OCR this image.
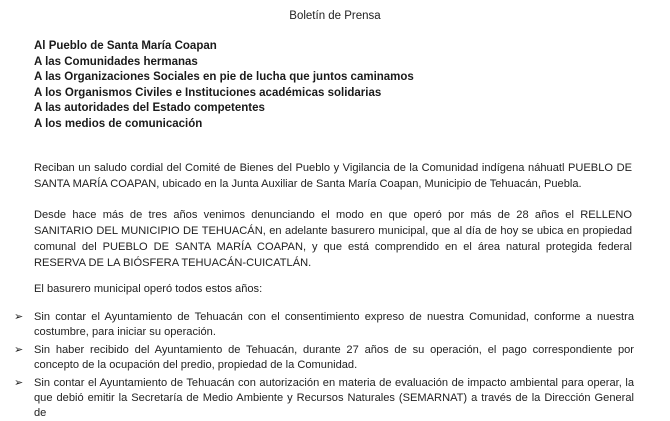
Boletín de Prensa
Al Pueblo de Santa María Coapan
A las Comunidades hermanas
A las Organizaciones Sociales en pie de lucha que juntos caminamos
A los Organismos Civiles e Instituciones académicas solidarias
A las autoridades del Estado competentes
A los medios de comunicación
Reciban un saludo cordial del Comité de Bienes del Pueblo y Vigilancia de la Comunidad indígena náhuatl PUEBLO DE SANTA MARÍA COAPAN, ubicado en la Junta Auxiliar de Santa María Coapan, Municipio de Tehuacán, Puebla.
Desde hace más de tres años venimos denunciando el modo en que operó por más de 28 años el RELLENO SANITARIO DEL MUNICIPIO DE TEHUACÁN, en adelante basurero municipal, que al día de hoy se ubica en propiedad comunal del PUEBLO DE SANTA MARÍA COAPAN, y que está comprendido en el área natural protegida federal RESERVA DE LA BIÓSFERA TEHUACÁN-CUICATLÁN.
El basurero municipal operó todos estos años:
➢ Sin contar el Ayuntamiento de Tehuacán con el consentimiento expreso de nuestra Comunidad, conforme a nuestra costumbre, para iniciar su operación.
➢ Sin haber recibido del Ayuntamiento de Tehuacán, durante 27 años de su operación, el pago correspondiente por concepto de la ocupación del predio, propiedad de la Comunidad.
➢ Sin contar el Ayuntamiento de Tehuacán con autorización en materia de evaluación de impacto ambiental para operar, la que debió emitir la Secretaría de Medio Ambiente y Recursos Naturales (SEMARNAT) a través de la Dirección General de
